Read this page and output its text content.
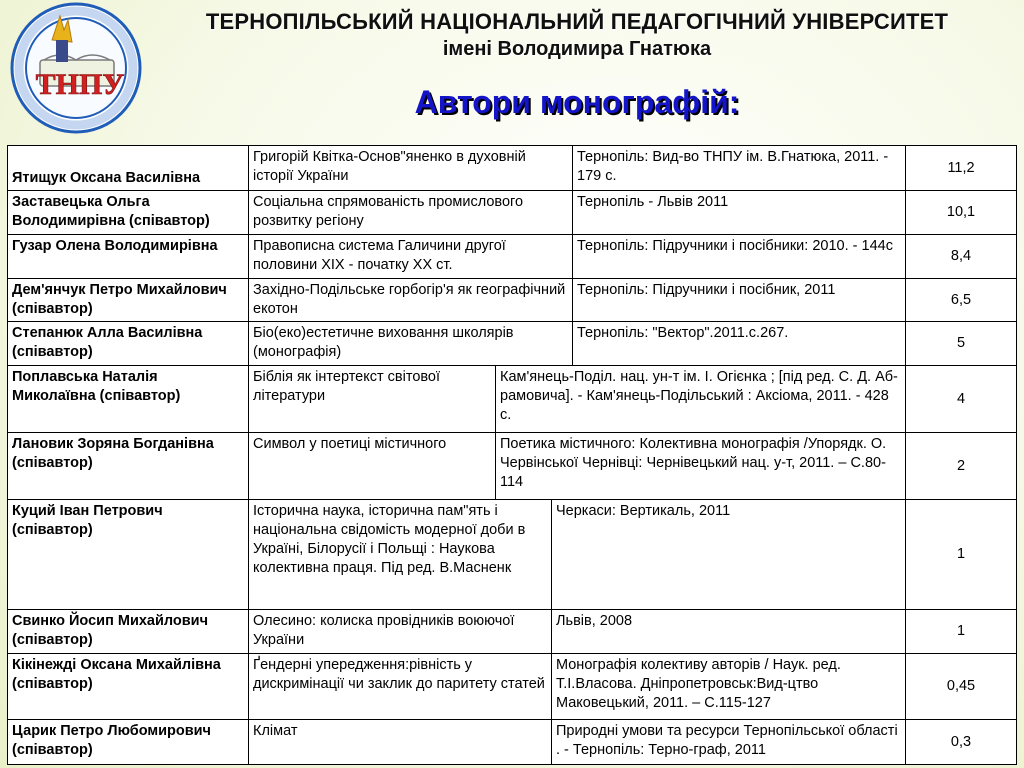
ТНПУ
ТЕРНОПІЛЬСЬКИЙ НАЦІОНАЛЬНИЙ ПЕДАГОГІЧНИЙ УНІВЕРСИТЕТ
імені Володимира Гнатюка
Автори монографій:
Ятищук Оксана Василівна	Григорій Квітка-Основ"яненко в духовній історії України			Тернопіль: Вид-во ТНПУ ім. В.Гнатюка, 2011. - 179 с.	11,2
Заставецька Ольга Володимирівна (співавтор)	Соціальна спрямованість промислового розвитку регіону			Тернопіль - Львів 2011	10,1
Гузар Олена Володимирівна	Правописна система Галичини другої половини ХІХ - початку ХХ ст.			Тернопіль: Підручники і посібники: 2010. - 144с	8,4
Дем'янчук Петро Михайлович (співавтор)	Західно-Подільське горбогір'я як географічний екотон			Тернопіль: Підручники і посібник, 2011	6,5
Степанюк Алла Василівна (співавтор)	Біо(еко)естетичне виховання школярів (монографія)			Тернопіль: "Вектор".2011.с.267.	5
Поплавська Наталія Миколаївна (співавтор)	Біблія як інтертекст світової літератури	Кам'янець-Поділ. нац. ун-т ім. І. Огієнка ; [під ред. С. Д. Аб-рамовича]. - Кам'янець-Подільський : Аксіома, 2011. - 428 с.			4
Лановик Зоряна Богданівна (співавтор)	Символ у поетиці містичного	Поетика містичного: Колективна монографія /Упорядк. О. Червінської Чернівці: Чернівецький нац. у-т, 2011. – С.80-114			2
Куций Іван Петрович (співавтор)	Історична наука, історична пам"ять і національна свідомість модерної доби в Україні, Білорусії і Польщі : Наукова колективна праця. Під ред. В.Масненк		Черкаси: Вертикаль, 2011		1
Свинко Йосип Михайлович (співавтор)	Олесино: колиска провідників воюючої України		Львів, 2008		1
Кікінежді Оксана Михайлівна (співавтор)	Ґендерні упередження:рівність у дискримінації чи заклик до паритету статей		Монографія колективу авторів / Наук. ред. Т.І.Власова. Дніпропетровськ:Вид-цтво Маковецький, 2011. – С.115-127		0,45
Царик Петро Любомирович (співавтор)	Клімат		Природні умови та ресурси Тернопільської області . - Тернопіль: Терно-граф, 2011		0,3
